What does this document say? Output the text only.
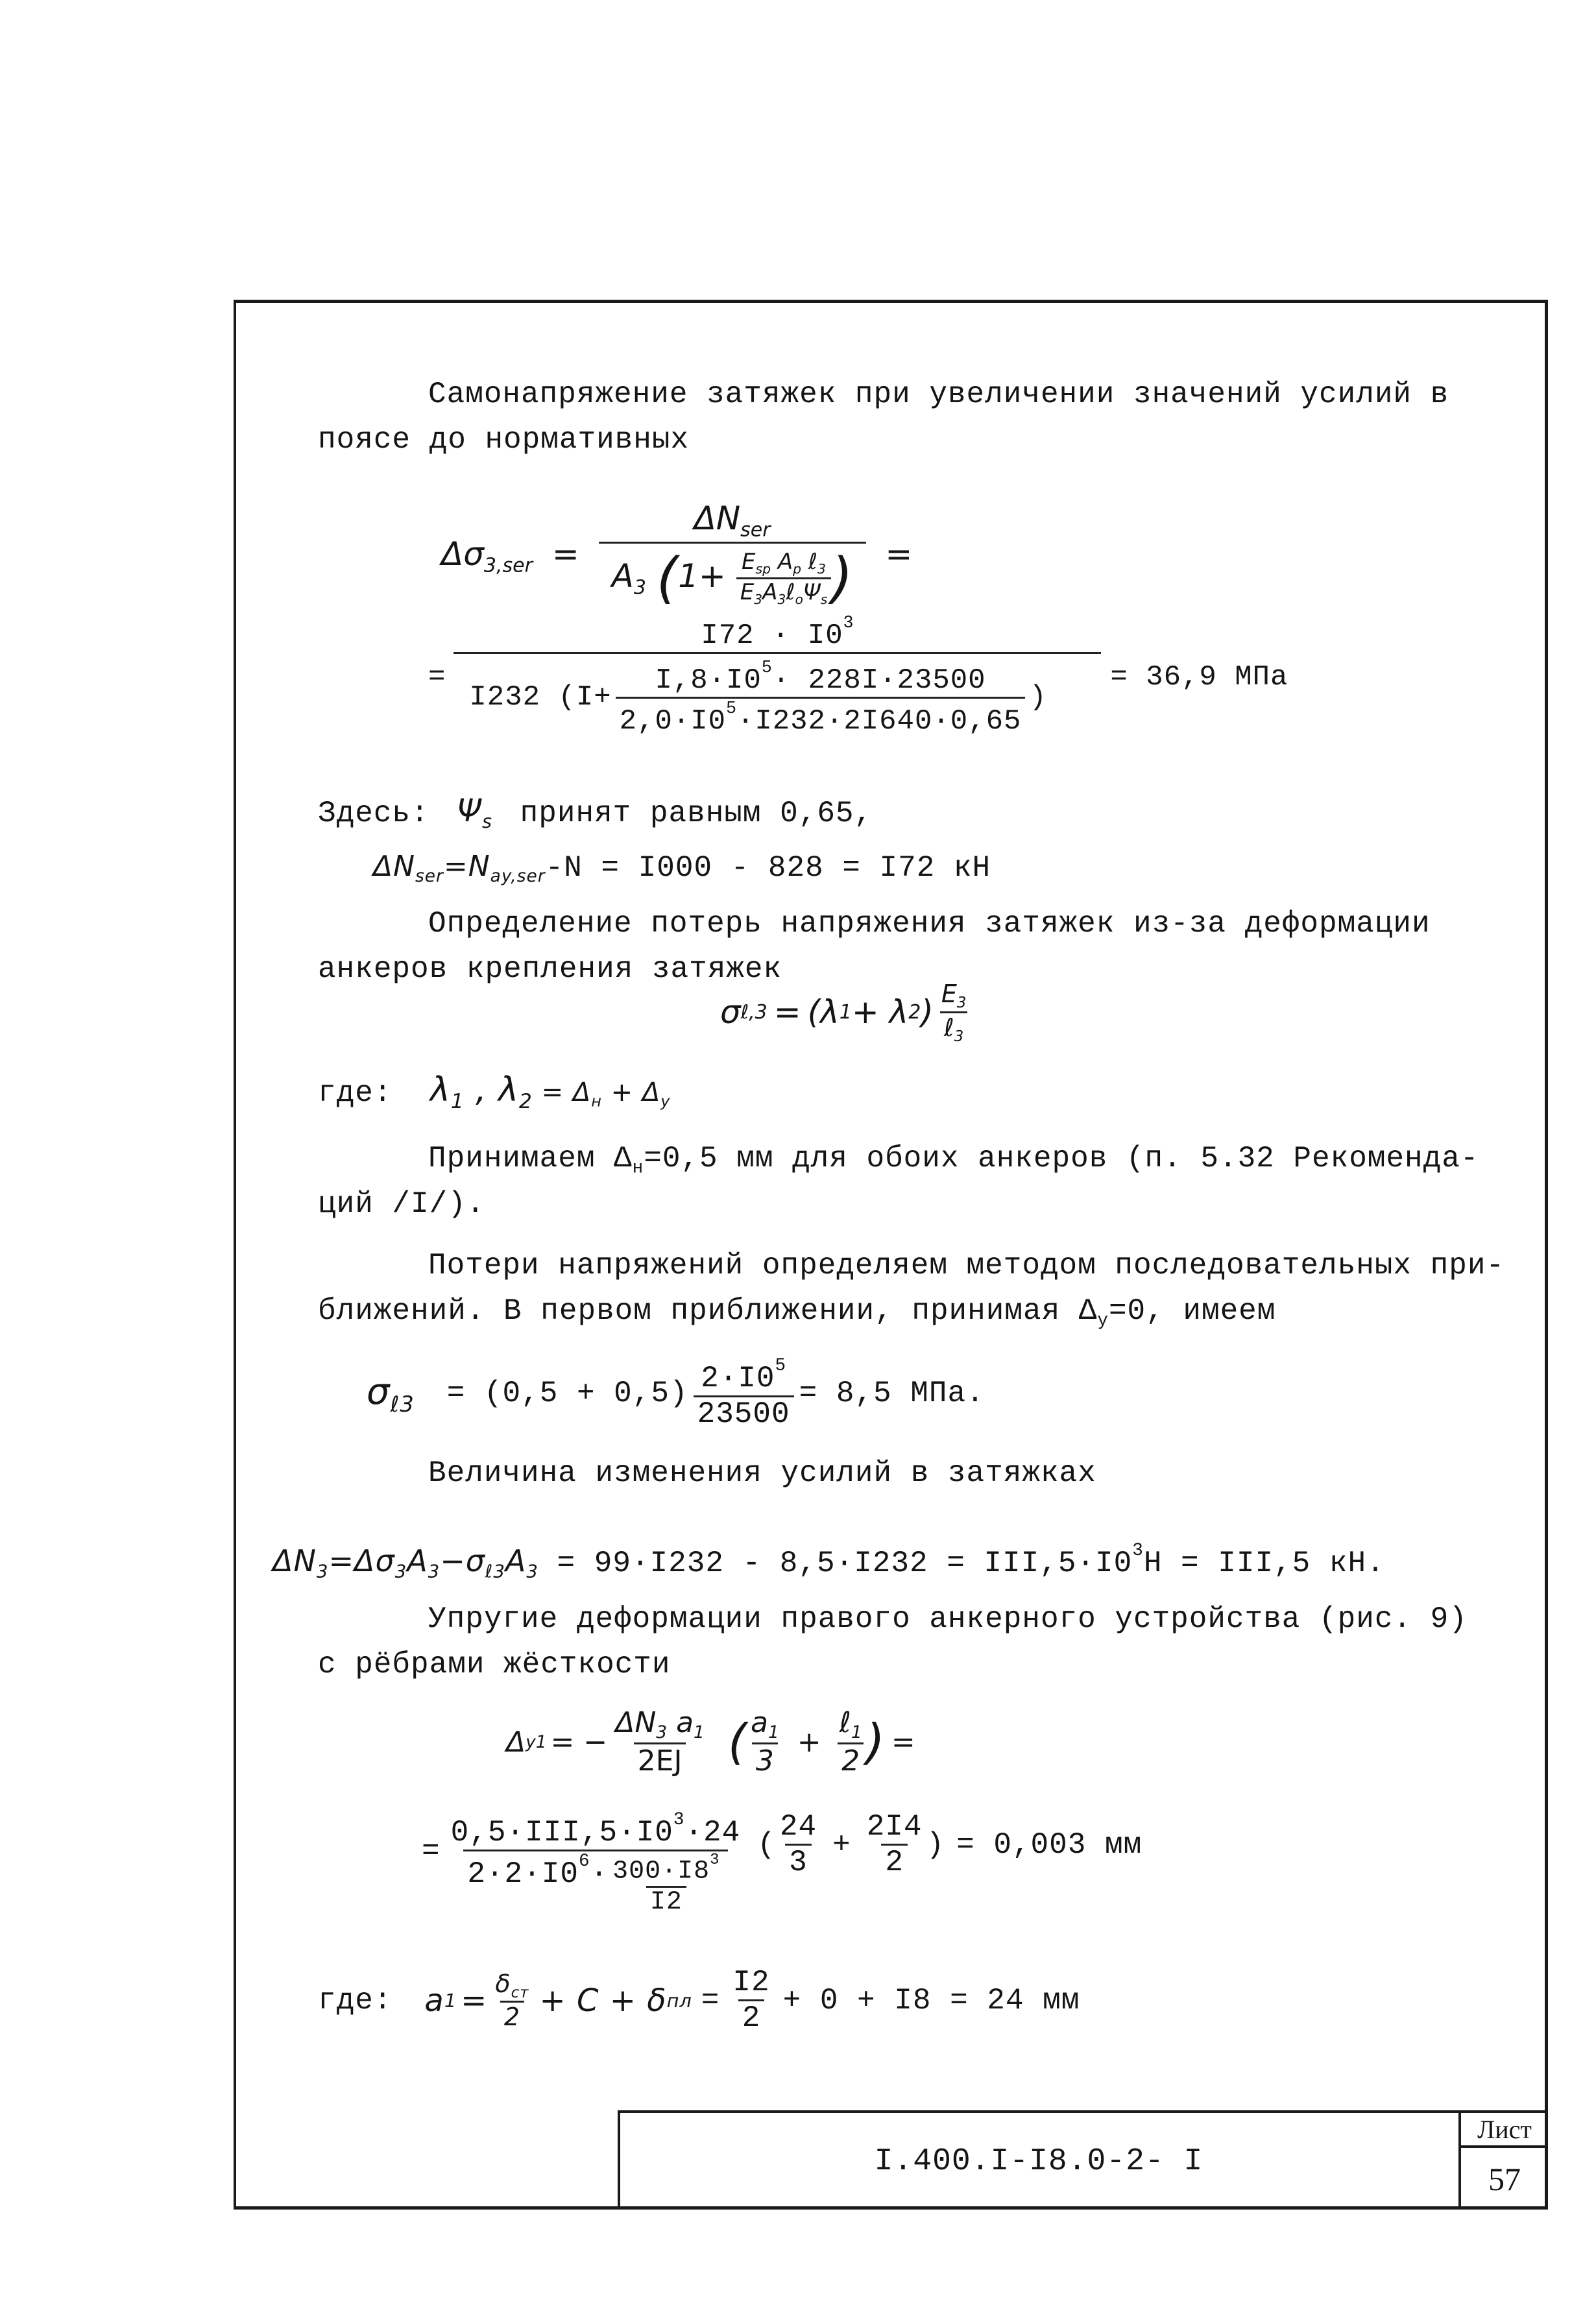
Самонапряжение затяжек при увеличении значений усилий в
поясе до нормативных
$\Delta\sigma_{3,ser}$ =
$\Delta N_{ser}$
$A_3$ ($1+ \frac{E_{sp} A_p \ell_3}{E_3A_3\ell_o\Psi_s}$ ) =
=
$I72 \cdot I0^3$
I232 ($I+ \frac{I,8\cdot I0^5\cdot 228I\cdot 23500}{2,0\cdot I0^5\cdot I232\cdot 2I640\cdot 0,65}$ )
= 36,9 МПа
Здесь: $\Psi_s$ принят равным 0,65,
$\Delta N_{ser}=N_{ay,ser}-N = I000 - 828 = I72$ кН
Определение потерь напряжения затяжек из-за деформации
анкеров крепления затяжек
σ ℓ,3 = (λ 1 + λ 2 ) $\frac{E_3}{\ell_3}$
где: $\lambda_1$ , $\lambda_2 = \Delta_н + \Delta_у$
Принимаем $\Delta_н=0,5$ мм для обоих анкеров (п. 5.32 Рекоменда-
ций /I/).
Потери напряжений определяем методом последовательных при-
ближений. В первом приближении, принимая $\Delta_у=0$, имеем
$\sigma_{\ell 3} = (0,5 + 0,5) \frac{2\cdot I0^5}{23500} = 8,5$ МПа.
Величина изменения усилий в затяжках
$\Delta N_3=\Delta\sigma_3A_3-\sigma_{\ell 3}A_3 = 99\cdot I232 - 8,5\cdot I232 = III,5\cdot I0^3Н = III,5$ кН.
Упругие деформации правого анкерного устройства (рис. 9)
с рёбрами жёсткости
Δ у1 = − $\frac{\Delta N_3 a_1}{2EJ}$ ( $\frac{a_1}{3} + \frac{\ell_1}{2}$ ) =
= $\frac{0,5\cdot III,5\cdot I0^3\cdot 24}{2\cdot 2\cdot I0^6\cdot \frac{300\cdot I8^3}{I2}}$ ( $\frac{24}{3} + \frac{2I4}{2}$ ) = 0,003 мм
где: a $1 = \frac{\delta_{ст}}{2} + C + \delta$ пл = $\frac{I2}{2} + 0 + I8 = 24$ мм
I.400.I-I8.0-2- I
Лист
57
